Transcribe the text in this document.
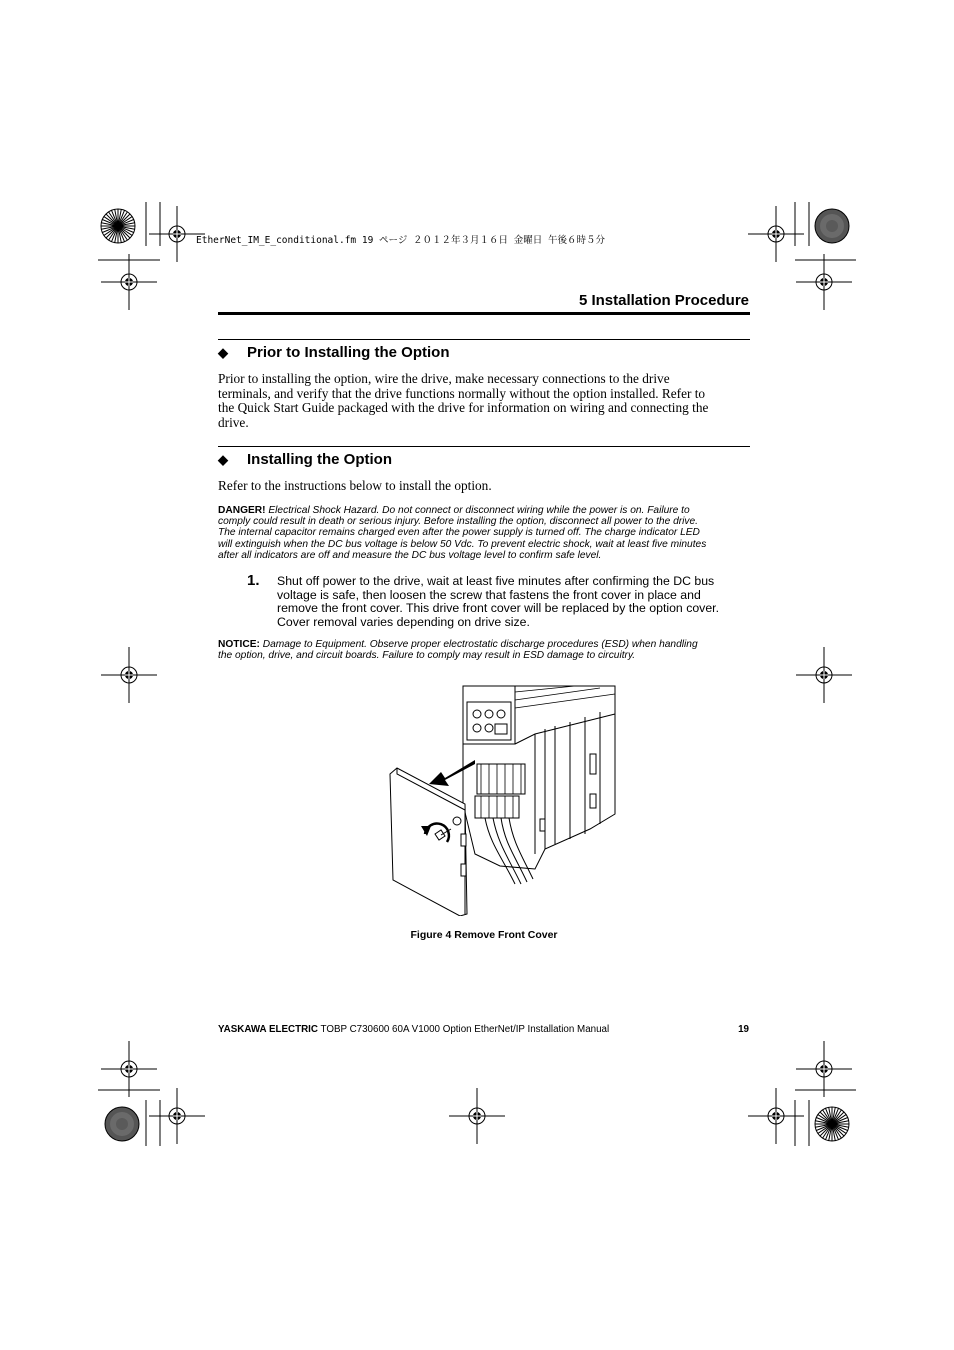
EtherNet_IM_E_conditional.fm 19 ページ ２０１２年３月１６日 金曜日 午後６時５分
5 Installation Procedure
◆ Prior to Installing the Option
Prior to installing the option, wire the drive, make necessary connections to the drive
terminals, and verify that the drive functions normally without the option installed. Refer to
the Quick Start Guide packaged with the drive for information on wiring and connecting the
drive.
◆ Installing the Option
Refer to the instructions below to install the option.
DANGER! Electrical Shock Hazard. Do not connect or disconnect wiring while the power is on. Failure to
comply could result in death or serious injury. Before installing the option, disconnect all power to the drive.
The internal capacitor remains charged even after the power supply is turned off. The charge indicator LED
will extinguish when the DC bus voltage is below 50 Vdc. To prevent electric shock, wait at least five minutes
after all indicators are off and measure the DC bus voltage level to confirm safe level.
1. Shut off power to the drive, wait at least five minutes after confirming the DC bus
voltage is safe, then loosen the screw that fastens the front cover in place and
remove the front cover. This drive front cover will be replaced by the option cover.
Cover removal varies depending on drive size.
NOTICE: Damage to Equipment. Observe proper electrostatic discharge procedures (ESD) when handling
the option, drive, and circuit boards. Failure to comply may result in ESD damage to circuitry.
Figure 4 Remove Front Cover
YASKAWA ELECTRIC TOBP C730600 60A V1000 Option EtherNet/IP Installation Manual	19
